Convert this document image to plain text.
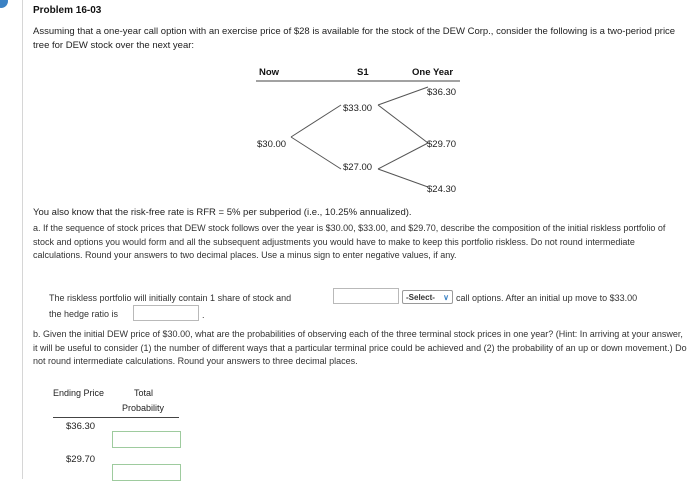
Problem 16-03
Assuming that a one-year call option with an exercise price of $28 is available for the stock of the DEW Corp., consider the following is a two-period price tree for DEW stock over the next year:
Now	S1	One Year
$30.00
$33.00
$27.00
$36.30
$29.70
$24.30
You also know that the risk-free rate is RFR = 5% per subperiod (i.e., 10.25% annualized).
a. If the sequence of stock prices that DEW stock follows over the year is $30.00, $33.00, and $29.70, describe the composition of the initial riskless portfolio of stock and options you would form and all the subsequent adjustments you would have to make to keep this portfolio riskless. Do not round intermediate calculations. Round your answers to two decimal places. Use a minus sign to enter negative values, if any.
The riskless portfolio will initially contain 1 share of stock and	-Select- ∨ call options. After an initial up move to $33.00
the hedge ratio is	.
b. Given the initial DEW price of $30.00, what are the probabilities of observing each of the three terminal stock prices in one year? (Hint: In arriving at your answer, it will be useful to consider (1) the number of different ways that a particular terminal price could be achieved and (2) the probability of an up or down movement.) Do not round intermediate calculations. Round your answers to three decimal places.
Ending Price	Total
Probability
$36.30
$29.70
